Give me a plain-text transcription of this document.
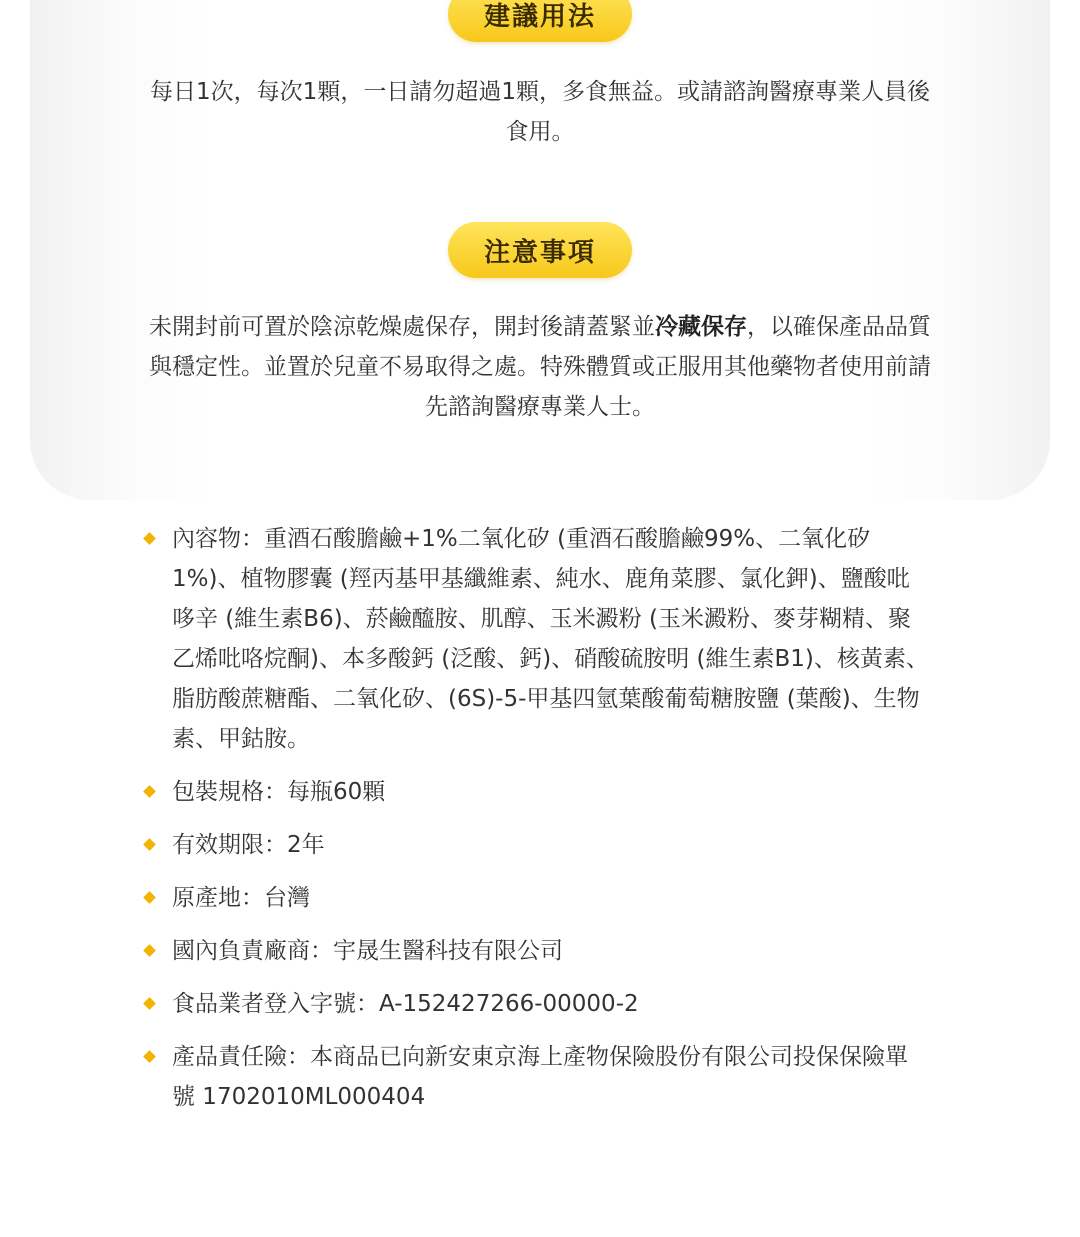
建議用法
每日1次，每次1顆，一日請勿超過1顆，多食無益。或請諮詢醫療專業人員後食用。
注意事項
未開封前可置於陰涼乾燥處保存，開封後請蓋緊並冷藏保存，以確保產品品質與穩定性。並置於兒童不易取得之處。特殊體質或正服用其他藥物者使用前請先諮詢醫療專業人士。
內容物：重酒石酸膽鹼+1%二氧化矽 (重酒石酸膽鹼99%、二氧化矽1%)、植物膠囊 (羥丙基甲基纖維素、純水、鹿角菜膠、氯化鉀)、鹽酸吡哆辛 (維生素B6)、菸鹼醯胺、肌醇、玉米澱粉 (玉米澱粉、麥芽糊精、聚乙烯吡咯烷酮)、本多酸鈣 (泛酸、鈣)、硝酸硫胺明 (維生素B1)、核黃素、脂肪酸蔗糖酯、二氧化矽、(6S)-5-甲基四氫葉酸葡萄糖胺鹽 (葉酸)、生物素、甲鈷胺。
包裝規格：每瓶60顆
有效期限：2年
原產地：台灣
國內負責廠商：宇晟生醫科技有限公司
食品業者登入字號：A-152427266-00000-2
產品責任險：本商品已向新安東京海上產物保險股份有限公司投保保險單號 1702010ML000404
